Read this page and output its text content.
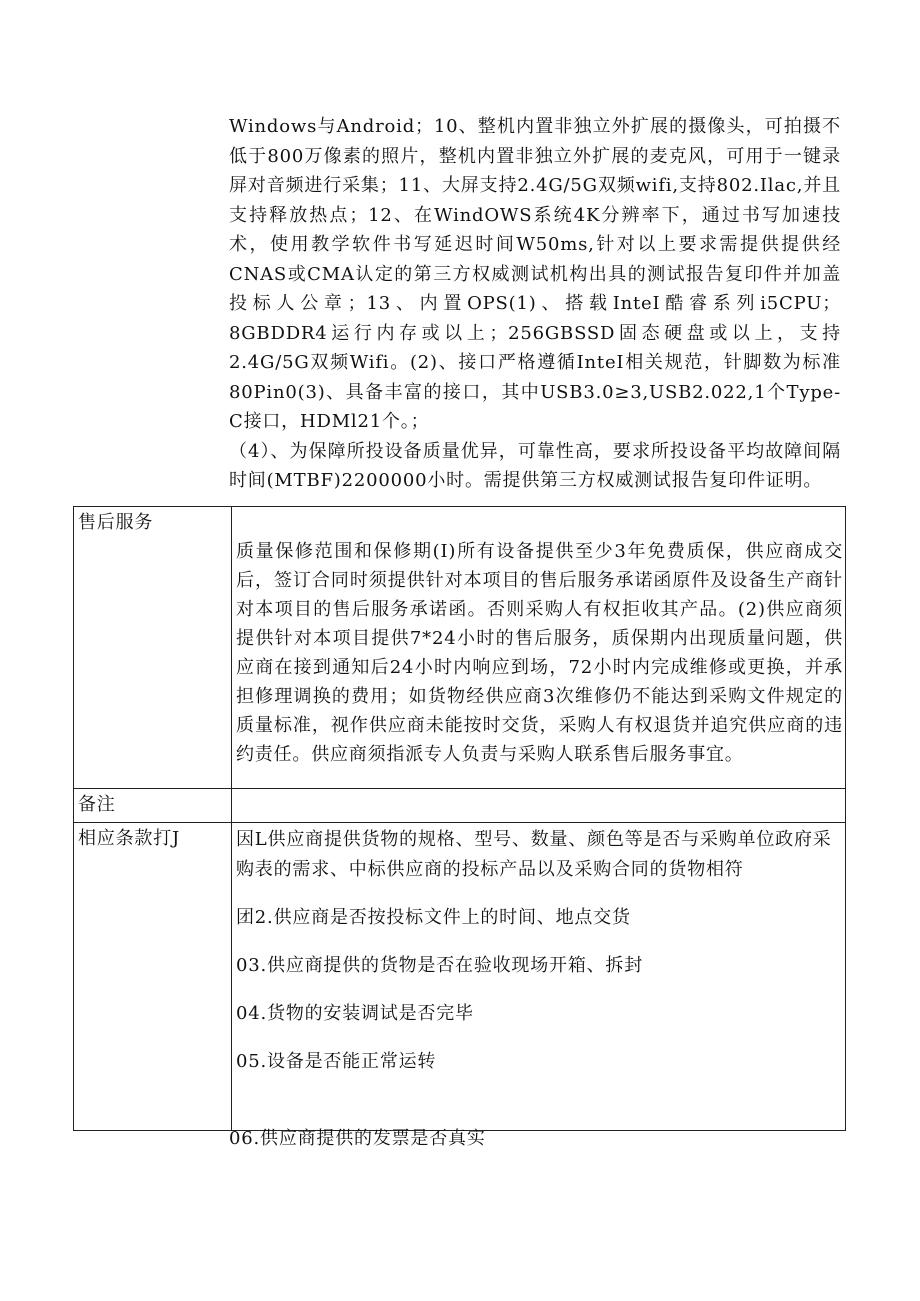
Windows与Android；10、整机内置非独立外扩展的摄像头，可拍摄不低于800万像素的照片，整机内置非独立外扩展的麦克风，可用于一键录屏对音频进行采集；11、大屏支持2.4G/5G双频wifi,支持802.Ilac,并且支持释放热点；12、在WindOWS系统4K分辨率下，通过书写加速技术，使用教学软件书写延迟时间W50ms,针对以上要求需提供提供经CNAS或CMA认定的第三方权威测试机构出具的测试报告复印件并加盖投标人公章；13、内置OPS(1)、搭载InteI酷睿系列i5CPU；8GBDDR4运行内存或以上；256GBSSD固态硬盘或以上，支持2.4G/5G双频Wifi。(2)、接口严格遵循InteI相关规范，针脚数为标准80Pin0(3)、具备丰富的接口，其中USB3.0≥3,USB2.022,1个Type-C接口，HDMl21个。；

（4）、为保障所投设备质量优异，可靠性高，要求所投设备平均故障间隔时间(MTBF)2200000小时。需提供第三方权威测试报告复印件证明。

售后服务	质量保修范围和保修期(I)所有设备提供至少3年免费质保，供应商成交后，签订合同时须提供针对本项目的售后服务承诺函原件及设备生产商针对本项目的售后服务承诺函。否则采购人有权拒收其产品。(2)供应商须提供针对本项目提供7*24小时的售后服务，质保期内出现质量问题，供应商在接到通知后24小时内响应到场，72小时内完成维修或更换，并承担修理调换的费用；如货物经供应商3次维修仍不能达到采购文件规定的质量标准，视作供应商未能按时交货，采购人有权退货并追究供应商的违约责任。供应商须指派专人负责与采购人联系售后服务事宜。

备注	
相应条款打J	因L供应商提供货物的规格、型号、数量、颜色等是否与采购单位政府采购表的需求、中标供应商的投标产品以及采购合同的货物相符

团2.供应商是否按投标文件上的时间、地点交货

03.供应商提供的货物是否在验收现场开箱、拆封

04.货物的安装调试是否完毕

05.设备是否能正常运转

06.供应商提供的发票是否真实
